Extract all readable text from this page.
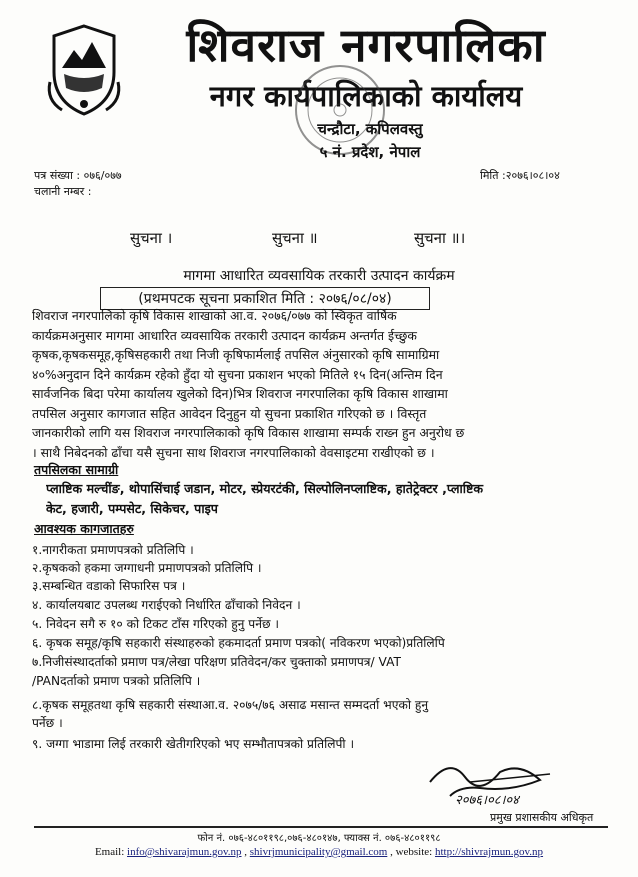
शिवराज नगरपालिका
नगर कार्यपालिकाको कार्यालय
चन्द्रौटा, कपिलवस्तु
५ नं. प्रदेश, नेपाल
पत्र संख्या : ०७६/०७७
चलानी नम्बर :
मिति :२०७६।०८।०४
सुचना ।	सुचना ॥	सुचना ॥।
मागमा आधारित व्यवसायिक तरकारी उत्पादन कार्यक्रम
(प्रथमपटक सूचना प्रकाशित मिति : २०७६/०८/०४)
शिवराज नगरपालिको कृषि विकास शाखाको आ.व. २०७६/०७७ को स्विकृत वार्षिक
कार्यक्रमअनुसार मागमा आधारित व्यवसायिक तरकारी उत्पादन कार्यक्रम अन्तर्गत ईच्छुक
कृषक,कृषकसमूह,कृषिसहकारी तथा निजी कृषिफार्मलाई तपसिल अंनुसारको कृषि सामाग्रिमा
४०%अनुदान दिने कार्यक्रम रहेको हुँदा यो सुचना प्रकाशन भएको मितिले १५ दिन(अन्तिम दिन
सार्वजनिक बिदा परेमा कार्यालय खुलेको दिन)भित्र शिवराज नगरपालिका कृषि विकास शाखामा
तपसिल अनुसार कागजात सहित आवेदन दिनुहुन यो सुचना प्रकाशित गरिएको छ । विस्तृत
जानकारीको लागि यस शिवराज नगरपालिकाको कृषि विकास शाखामा सम्पर्क राख्न हुन अनुरोध छ
। साथै निबेदनको ढाँचा यसै सुचना साथ शिवराज नगरपालिकाको वेवसाइटमा राखीएको छ ।
तपसिलका सामाग्री
प्लाष्टिक मल्चींङ, थोपासिंचाई जडान, मोटर, स्प्रेयरटंकी, सिल्पोलिनप्लाष्टिक, हातेट्रेक्टर ,प्लाष्टिक
केट, हजारी, पम्पसेट, सिकेचर, पाइप
आवश्यक कागजातहरु
१.नागरीकता प्रमाणपत्रको प्रतिलिपि ।
२.कृषकको हकमा जग्गाधनी प्रमाणपत्रको प्रतिलिपि ।
३.सम्बन्धित वडाको सिफारिस पत्र ।
४. कार्यालयबाट उपलब्ध गराईएको निर्धारित ढाँचाको निवेदन ।
५. निवेदन सगै रु १० को टिकट टाँस गरिएको हुनु पर्नेछ ।
६. कृषक समूह/कृषि सहकारी संस्थाहरुको हकमादर्ता प्रमाण पत्रको( नविकरण भएको)प्रतिलिपि
७.निजीसंस्थादर्ताको प्रमाण पत्र/लेखा परिक्षण प्रतिवेदन/कर चुक्ताको प्रमाणपत्र/ VAT
/PANदर्ताको प्रमाण पत्रको प्रतिलिपि ।
८.कृषक समूहतथा कृषि सहकारी संस्थाआ.व. २०७५/७६ असाढ मसान्त सम्मदर्ता भएको हुनु
पर्नेछ ।
९. जग्गा भाडामा लिई तरकारी खेतीगरिएको भए सम्भौतापत्रको प्रतिलिपी ।
२०७६।०८।०४
प्रमुख प्रशासकीय अधिकृत
फोन नं. ०७६-४८०११९८,०७६-४८०१४७, फ्याक्स नं. ०७६-४८०११९८
Email: info@shivarajmun.gov.np , shivrjmunicipality@gmail.com , website: http://shivrajmun.gov.np
